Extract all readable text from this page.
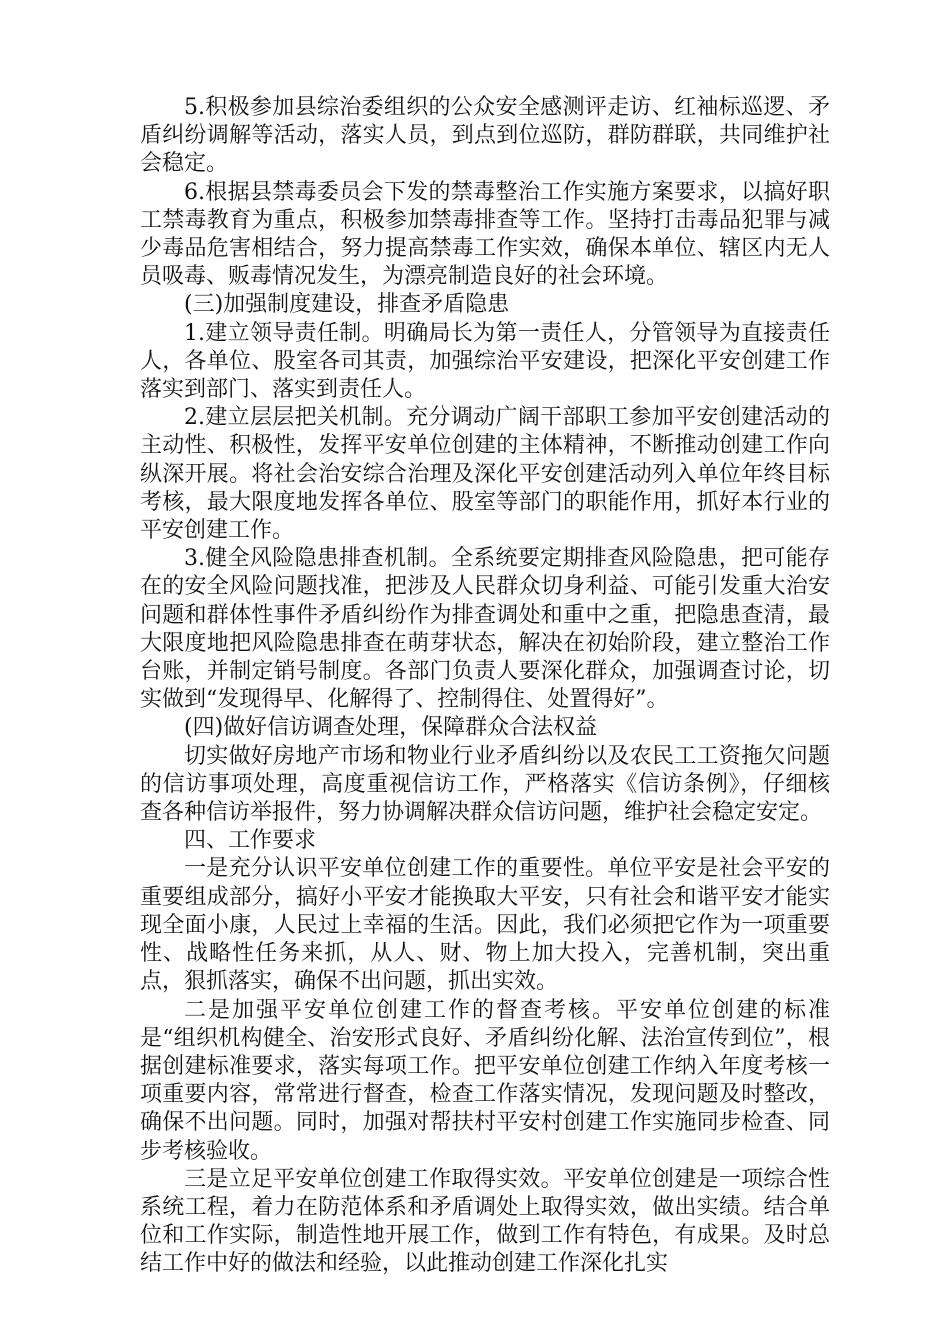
5.积极参加县综治委组织的公众安全感测评走访、红袖标巡逻、矛盾纠纷调解等活动，落实人员，到点到位巡防，群防群联，共同维护社会稳定。

6.根据县禁毒委员会下发的禁毒整治工作实施方案要求，以搞好职工禁毒教育为重点，积极参加禁毒排查等工作。坚持打击毒品犯罪与减少毒品危害相结合，努力提高禁毒工作实效，确保本单位、辖区内无人员吸毒、贩毒情况发生，为漂亮制造良好的社会环境。

(三)加强制度建设，排查矛盾隐患

1.建立领导责任制。明确局长为第一责任人，分管领导为直接责任人，各单位、股室各司其责，加强综治平安建设，把深化平安创建工作落实到部门、落实到责任人。

2.建立层层把关机制。充分调动广阔干部职工参加平安创建活动的主动性、积极性，发挥平安单位创建的主体精神，不断推动创建工作向纵深开展。将社会治安综合治理及深化平安创建活动列入单位年终目标考核，最大限度地发挥各单位、股室等部门的职能作用，抓好本行业的平安创建工作。

3.健全风险隐患排查机制。全系统要定期排查风险隐患，把可能存在的安全风险问题找准，把涉及人民群众切身利益、可能引发重大治安问题和群体性事件矛盾纠纷作为排查调处和重中之重，把隐患查清，最大限度地把风险隐患排查在萌芽状态，解决在初始阶段，建立整治工作台账，并制定销号制度。各部门负责人要深化群众，加强调查讨论，切实做到“发现得早、化解得了、控制得住、处置得好”。

(四)做好信访调查处理，保障群众合法权益

切实做好房地产市场和物业行业矛盾纠纷以及农民工工资拖欠问题的信访事项处理，高度重视信访工作，严格落实《信访条例》，仔细核查各种信访举报件，努力协调解决群众信访问题，维护社会稳定安定。

四、工作要求

一是充分认识平安单位创建工作的重要性。单位平安是社会平安的重要组成部分，搞好小平安才能换取大平安，只有社会和谐平安才能实现全面小康，人民过上幸福的生活。因此，我们必须把它作为一项重要性、战略性任务来抓，从人、财、物上加大投入，完善机制，突出重点，狠抓落实，确保不出问题，抓出实效。

二是加强平安单位创建工作的督查考核。平安单位创建的标准是“组织机构健全、治安形式良好、矛盾纠纷化解、法治宣传到位”，根据创建标准要求，落实每项工作。把平安单位创建工作纳入年度考核一项重要内容，常常进行督查，检查工作落实情况，发现问题及时整改，确保不出问题。同时，加强对帮扶村平安村创建工作实施同步检查、同步考核验收。

三是立足平安单位创建工作取得实效。平安单位创建是一项综合性系统工程，着力在防范体系和矛盾调处上取得实效，做出实绩。结合单位和工作实际，制造性地开展工作，做到工作有特色，有成果。及时总结工作中好的做法和经验，以此推动创建工作深化扎实
